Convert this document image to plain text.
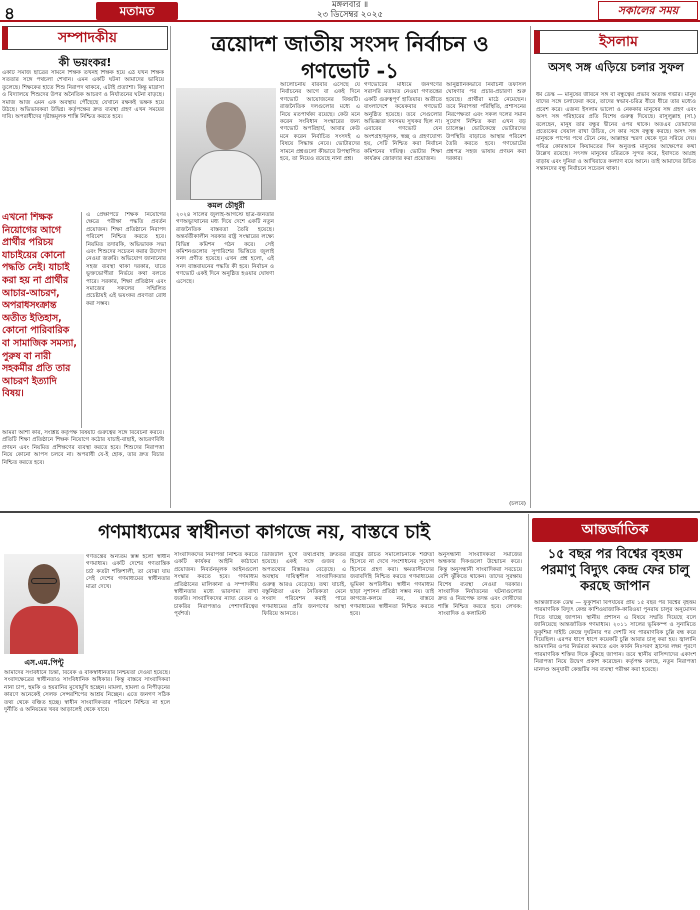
৪	মতামত	মঙ্গলবার ॥
২৩ ডিসেম্বর ২০২৫	সকালের সময়
সম্পাদকীয়
কী ভয়ংকর!
একটি সমাজ ছাত্রের সামনে শিক্ষক তখনই শিক্ষক হয়ে এঠ যখন শিক্ষক সততার সঙ্গে পথচলা শেখান। এমন একটি ঘটনা আমাদের ভাবিয়ে তুলেছে। শিক্ষকের হাতে শিশু নিরাপদ থাকবে, এটাই প্রত্যাশা। কিন্তু মাদ্রাসা ও বিদ্যালয়ে শিশুদের উপর অনৈতিক আচরণ ও নির্যাতনের ঘটনা বাড়ছে। সমাজ আজ এমন এক অবস্থায় পৌঁছেছে যেখানে রক্ষকই ভক্ষক হয়ে উঠছে। অভিভাবকরা উদ্বিগ্ন। কর্তৃপক্ষের দ্রুত ব্যবস্থা গ্রহণ এখন সময়ের দাবি। অপরাধীদের দৃষ্টান্তমূলক শাস্তি নিশ্চিত করতে হবে।
এখনো শিক্ষক নিয়োগের আগে প্রার্থীর পরিচয় যাচাইয়ের কোনো পদ্ধতি নেই। যাচাই করা হয় না প্রার্থীর আচার-আচরণ, অপরাধসংক্রান্ত অতীত ইতিহাস, কোনো পারিবারিক বা সামাজিক সমস্যা, পুরুষ বা নারী সহকর্মীর প্রতি তার আচরণ ইত্যাদি বিষয়।
এ প্রেক্ষাপটে শিক্ষক নিয়োগের ক্ষেত্রে পরীক্ষা পদ্ধতি প্রবর্তন প্রয়োজন। শিক্ষা প্রতিষ্ঠানে নিরাপদ পরিবেশ নিশ্চিত করতে হবে। নিয়মিত তদারকি, অভিভাবক সভা এবং শিশুদের সচেতন করার উদ্যোগ নেওয়া জরুরি। অভিযোগ জানানোর সহজ ব্যবস্থা থাকা দরকার, যাতে ভুক্তভোগীরা নির্ভয়ে কথা বলতে পারে। সরকার, শিক্ষা প্রতিষ্ঠান এবং সমাজের সকলের সম্মিলিত প্রচেষ্টায়ই এই ভয়ংকর প্রবণতা রোধ করা সম্ভব।
আমরা আশা করি, সংশ্লিষ্ট কর্তৃপক্ষ বিষয়টি গুরুত্বের সঙ্গে বিবেচনা করবে। প্রতিটি শিক্ষা প্রতিষ্ঠানে শিক্ষক নিয়োগে কঠোর যাচাই-বাছাই, আচরণবিধি প্রণয়ন এবং নিয়মিত প্রশিক্ষণের ব্যবস্থা করতে হবে। শিশুদের নিরাপত্তা নিয়ে কোনো আপস চলবে না। অপরাধী যে-ই হোক, তার দ্রুত বিচার নিশ্চিত করতে হবে।
ত্রয়োদশ জাতীয় সংসদ নির্বাচন ও গণভোট -১
কমল চৌধুরী
২০২৪ সালের জুলাই-আগস্টে ছাত্র-জনতার গণঅভ্যুত্থানের মধ্য দিয়ে দেশে একটি নতুন রাজনৈতিক বাস্তবতা তৈরি হয়েছে। অন্তর্বর্তীকালীন সরকার রাষ্ট্র সংস্কারের লক্ষ্যে বিভিন্ন কমিশন গঠন করে। সেই কমিশনগুলোর সুপারিশের ভিত্তিতে জুলাই সনদ প্রণীত হয়েছে। এখন প্রশ্ন হলো, এই সনদ বাস্তবায়নের পদ্ধতি কী হবে। নির্বাচন ও গণভোট একই দিনে অনুষ্ঠিত হওয়ার ঘোষণা এসেছে।
আলোচনায় বারবার এসেছে যে নির্বাচনের আগে বা একই দিনে গণভোট আয়োজনের বিষয়টি। রাজনৈতিক দলগুলোর মধ্যে এ নিয়ে মতপার্থক্য রয়েছে। কেউ মনে করেন সংবিধান সংস্কারের জন্য গণভোট অপরিহার্য, আবার কেউ মনে করেন নির্বাচিত সংসদই এ বিষয়ে সিদ্ধান্ত নেবে। ভোটারদের সামনে প্রশ্নগুলো কীভাবে উপস্থাপিত হবে, তা নিয়েও রয়েছে নানা প্রশ্ন।
গণভোটের মাধ্যমে জনগণের সরাসরি মতামত নেওয়া গণতন্ত্রের একটি গুরুত্বপূর্ণ হাতিয়ার। অতীতে বাংলাদেশে কয়েকবার গণভোট অনুষ্ঠিত হয়েছে। তবে সেগুলোর অভিজ্ঞতা সবসময় সুখকর ছিল না। এবারের গণভোট যেন অংশগ্রহণমূলক, স্বচ্ছ ও গ্রহণযোগ্য হয়, সেটি নিশ্চিত করা নির্বাচন কমিশনের দায়িত্ব। ভোটার শিক্ষা কার্যক্রম জোরদার করা প্রয়োজন।
আনুষ্ঠানিকভাবে নির্বাচনী তফসিল ঘোষণার পর প্রচার-প্রচারণা শুরু হয়েছে। প্রার্থীরা মাঠে নেমেছেন। তবে নিরাপত্তা পরিস্থিতি, প্রশাসনের নিরপেক্ষতা এবং সকল দলের সমান সুযোগ নিশ্চিত করা এখন বড় চ্যালেঞ্জ। ভোটকেন্দ্রে ভোটারদের উপস্থিতি বাড়াতে আস্থার পরিবেশ তৈরি করতে হবে। গণভোটের প্রশ্নপত্র সহজ ভাষায় প্রণয়ন করা দরকার।
(চলবে)
ইসলাম
অসৎ সঙ্গ এড়িয়ে চলার সুফল
ধর্ম ডেস্ক — মানুষের জীবনে সঙ্গ বা বন্ধুত্বের প্রভাব অত্যন্ত গভীর। মানুষ যাদের সঙ্গে চলাফেরা করে, তাদের স্বভাব-চরিত্র ধীরে ধীরে তার মধ্যেও প্রবেশ করে। এজন্য ইসলাম ভালো ও নেককার মানুষের সঙ্গ গ্রহণ এবং অসৎ সঙ্গ পরিহারের প্রতি বিশেষ গুরুত্ব দিয়েছে। রাসুলুল্লাহ (সা.) বলেছেন, মানুষ তার বন্ধুর দ্বীনের ওপর থাকে। অতএব তোমাদের প্রত্যেকের খেয়াল রাখা উচিত, সে কার সঙ্গে বন্ধুত্ব করছে। অসৎ সঙ্গ মানুষকে পাপের পথে টেনে নেয়, আল্লাহর স্মরণ থেকে দূরে সরিয়ে দেয়। পবিত্র কোরআনে কিয়ামতের দিন অনুতপ্ত মানুষের আক্ষেপের কথা উল্লেখ রয়েছে। সৎসঙ্গ মানুষের চরিত্রকে সুন্দর করে, ইবাদতে আগ্রহ বাড়ায় এবং দুনিয়া ও আখিরাতে কল্যাণ বয়ে আনে। তাই আমাদের উচিত সন্তানদের বন্ধু নির্বাচনে সচেতন থাকা।
গণমাধ্যমের স্বাধীনতা কাগজে নয়, বাস্তবে চাই
এস.এম.পিন্টু
গণতন্ত্রের অন্যতম স্তম্ভ হলো স্বাধীন গণমাধ্যম। একটি দেশের গণতান্ত্রিক চর্চা কতটা শক্তিশালী, তা বোঝা যায় সেই দেশের গণমাধ্যমের স্বাধীনতার মাত্রা দেখে।
আমাদের সংবিধানে চিন্তা, বিবেক ও বাকস্বাধীনতার নিশ্চয়তা দেওয়া হয়েছে। সংবাদক্ষেত্রের স্বাধীনতাও সাংবিধানিক অধিকার। কিন্তু বাস্তবে সাংবাদিকরা নানা চাপ, হুমকি ও হয়রানির মুখোমুখি হচ্ছেন। মামলা, হামলা ও নিপীড়নের কারণে অনেকেই সেলফ সেন্সরশিপের আশ্রয় নিচ্ছেন। এতে জনগণ সঠিক তথ্য থেকে বঞ্চিত হচ্ছে। স্বাধীন সাংবাদিকতার পরিবেশ নিশ্চিত না হলে দুর্নীতি ও অনিয়মের খবর আড়ালেই থেকে যাবে।
সাংবাদিকদের নিরাপত্তা নিশ্চিত করতে একটি কার্যকর আইনি কাঠামো প্রয়োজন। নিবর্তনমূলক আইনগুলো সংস্কার করতে হবে। গণমাধ্যম প্রতিষ্ঠানের মালিকানা ও সম্পাদকীয় স্বাধীনতার মধ্যে ভারসাম্য রাখা জরুরি। সাংবাদিকদের ন্যায্য বেতন ও চাকরির নিরাপত্তাও পেশাদারিত্বের পূর্বশর্ত।
ডিজিটাল যুগে তথ্যপ্রবাহ দ্রুততর হয়েছে। একই সঙ্গে গুজব ও অপতথ্যের বিস্তারও বেড়েছে। এ অবস্থায় দায়িত্বশীল সাংবাদিকতার গুরুত্ব আরও বেড়েছে। তথ্য যাচাই, বস্তুনিষ্ঠতা এবং নৈতিকতা মেনে সংবাদ পরিবেশন করাই পারে গণমাধ্যমের প্রতি জনগণের আস্থা ফিরিয়ে আনতে।
রাষ্ট্রের উচিত সমালোচনাকে শত্রুতা হিসেবে না দেখে সংশোধনের সুযোগ হিসেবে গ্রহণ করা। ক্ষমতাসীনদের জবাবদিহি নিশ্চিত করতে গণমাধ্যমের ভূমিকা অপরিসীম। স্বাধীন গণমাধ্যম ছাড়া সুশাসন প্রতিষ্ঠা সম্ভব নয়। তাই কাগজে-কলমে নয়, বাস্তবে গণমাধ্যমের স্বাধীনতা নিশ্চিত করতে হবে।
অনুসন্ধানী সাংবাদিকতা সমাজের অন্ধকার দিকগুলো উন্মোচন করে। কিন্তু অনুসন্ধানী সাংবাদিকরা সবচেয়ে বেশি ঝুঁকিতে থাকেন। তাদের সুরক্ষায় বিশেষ ব্যবস্থা নেওয়া দরকার। সাংবাদিক নির্যাতনের ঘটনাগুলোর দ্রুত ও নিরপেক্ষ তদন্ত এবং দোষীদের শাস্তি নিশ্চিত করতে হবে। লেখক: সাংবাদিক ও কলামিস্ট
আন্তর্জাতিক
১৫ বছর পর বিশ্বের বৃহত্তম পরমাণু বিদ্যুৎ কেন্দ্র ফের চালু করছে জাপান
আন্তর্জাতিক ডেস্ক — ফুকুশিমা বিপর্যয়ের প্রায় ১৫ বছর পর বিশ্বের বৃহত্তম পারমাণবিক বিদ্যুৎ কেন্দ্র কাশিওয়াজাকি-কারিওয়া পুনরায় চালুর অনুমোদন দিতে যাচ্ছে জাপান। স্থানীয় প্রশাসন এ বিষয়ে সম্মতি দিয়েছে বলে জানিয়েছে আন্তর্জাতিক গণমাধ্যম। ২০১১ সালের ভূমিকম্প ও সুনামিতে ফুকুশিমা দাইচি কেন্দ্রে দুর্ঘটনার পর দেশটি সব পারমাণবিক চুল্লি বন্ধ করে দিয়েছিল। এরপর ধাপে ধাপে কয়েকটি চুল্লি আবার চালু করা হয়। জ্বালানি আমদানির ওপর নির্ভরতা কমাতে এবং কার্বন নিঃসরণ হ্রাসের লক্ষ্য পূরণে পারমাণবিক শক্তির দিকে ঝুঁকছে জাপান। তবে স্থানীয় বাসিন্দাদের একাংশ নিরাপত্তা নিয়ে উদ্বেগ প্রকাশ করেছেন। কর্তৃপক্ষ বলছে, নতুন নিরাপত্তা মানদণ্ড অনুযায়ী কেন্দ্রটির সব ব্যবস্থা পরীক্ষা করা হয়েছে।
